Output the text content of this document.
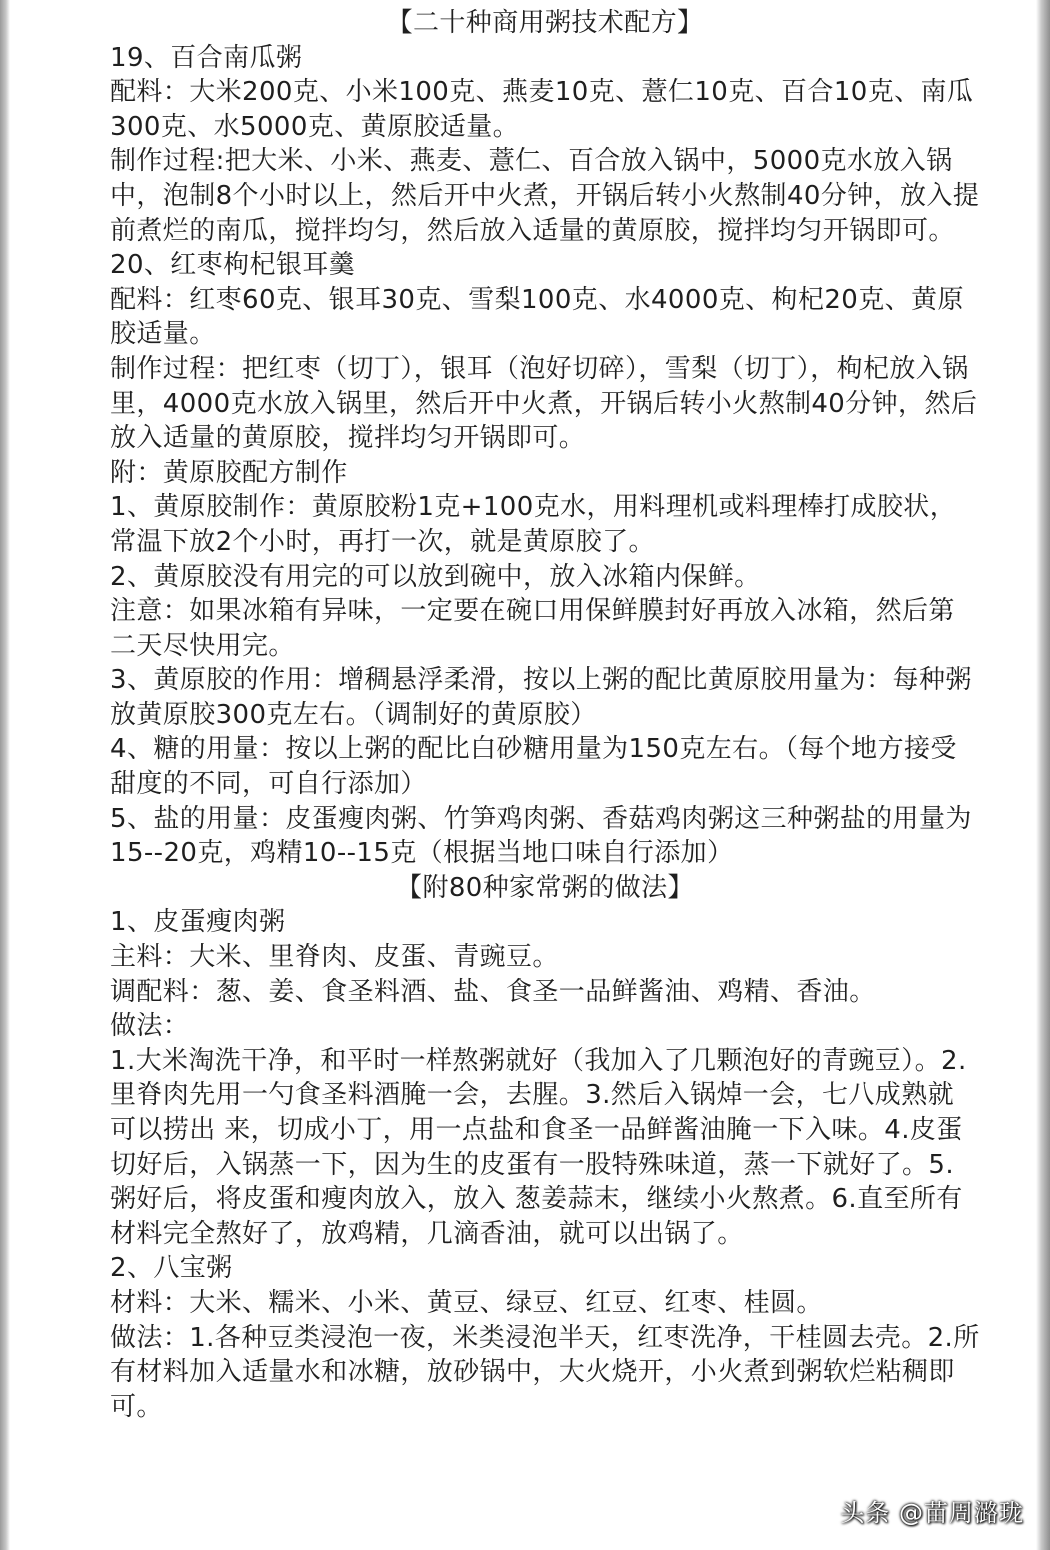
【二十种商用粥技术配方】
19、百合南瓜粥
配料：大米200克、小米100克、燕麦10克、薏仁10克、百合10克、南瓜300克、水5000克、黄原胶适量。
制作过程:把大米、小米、燕麦、薏仁、百合放入锅中，5000克水放入锅中，泡制8个小时以上，然后开中火煮，开锅后转小火熬制40分钟，放入提前煮烂的南瓜，搅拌均匀，然后放入适量的黄原胶，搅拌均匀开锅即可。
20、红枣枸杞银耳羹
配料：红枣60克、银耳30克、雪梨100克、水4000克、枸杞20克、黄原胶适量。
制作过程：把红枣（切丁），银耳（泡好切碎），雪梨（切丁），枸杞放入锅里，4000克水放入锅里，然后开中火煮，开锅后转小火熬制40分钟，然后放入适量的黄原胶，搅拌均匀开锅即可。
附：黄原胶配方制作
1、黄原胶制作：黄原胶粉1克+100克水，用料理机或料理棒打成胶状，常温下放2个小时，再打一次，就是黄原胶了。
2、黄原胶没有用完的可以放到碗中，放入冰箱内保鲜。
注意：如果冰箱有异味，一定要在碗口用保鲜膜封好再放入冰箱，然后第二天尽快用完。
3、黄原胶的作用：增稠悬浮柔滑，按以上粥的配比黄原胶用量为：每种粥放黄原胶300克左右。（调制好的黄原胶）
4、糖的用量：按以上粥的配比白砂糖用量为150克左右。（每个地方接受甜度的不同，可自行添加）
5、盐的用量：皮蛋瘦肉粥、竹笋鸡肉粥、香菇鸡肉粥这三种粥盐的用量为15--20克，鸡精10--15克（根据当地口味自行添加）
【附80种家常粥的做法】
1、皮蛋瘦肉粥
主料：大米、里脊肉、皮蛋、青豌豆。
调配料：葱、姜、食圣料酒、盐、食圣一品鲜酱油、鸡精、香油。
做法：
1.大米淘洗干净，和平时一样熬粥就好（我加入了几颗泡好的青豌豆）。2.里脊肉先用一勺食圣料酒腌一会，去腥。3.然后入锅焯一会，七八成熟就可以捞出 来，切成小丁，用一点盐和食圣一品鲜酱油腌一下入味。4.皮蛋切好后，入锅蒸一下，因为生的皮蛋有一股特殊味道，蒸一下就好了。5.粥好后，将皮蛋和瘦肉放入，放入 葱姜蒜末，继续小火熬煮。6.直至所有材料完全熬好了，放鸡精，几滴香油，就可以出锅了。
2、八宝粥
材料：大米、糯米、小米、黄豆、绿豆、红豆、红枣、桂圆。
做法：1.各种豆类浸泡一夜，米类浸泡半天，红枣洗净，干桂圆去壳。2.所有材料加入适量水和冰糖，放砂锅中，大火烧开，小火煮到粥软烂粘稠即可。
头条 @苗周潞珑
